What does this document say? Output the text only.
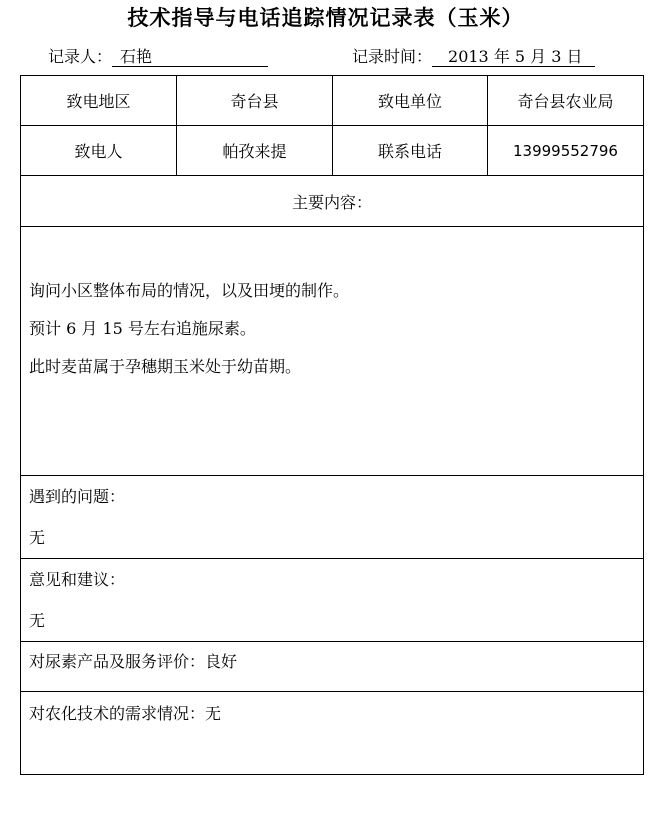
技术指导与电话追踪情况记录表（玉米）
记录人： 石艳	记录时间： 2013 年 5 月 3 日
致电地区	奇台县	致电单位	奇台县农业局
致电人	帕孜来提	联系电话	13999552796
主要内容：			

询问小区整体布局的情况，以及田埂的制作。

预计 6 月 15 号左右追施尿素。

此时麦苗属于孕穗期玉米处于幼苗期。			

遇到的问题：

无			

意见和建议：

无			

对尿素产品及服务评价：良好			

对农化技术的需求情况：无			
